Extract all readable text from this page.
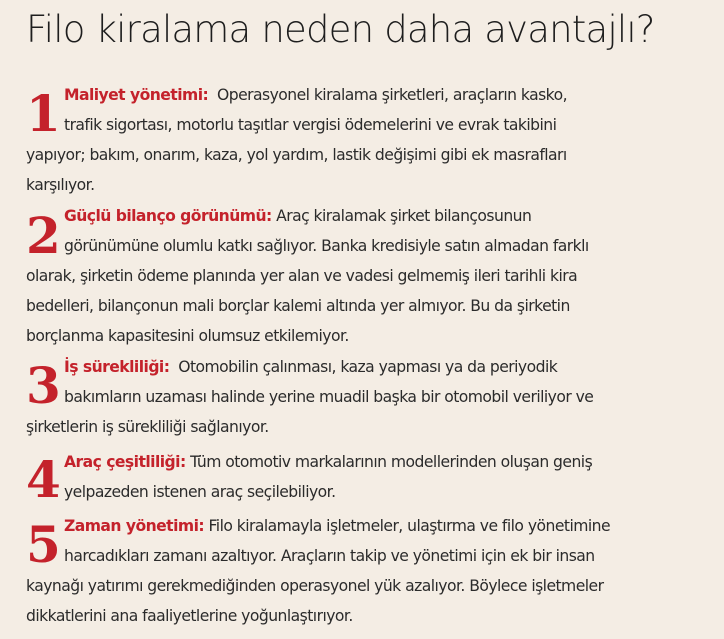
Filo kiralama neden daha avantajlı?
1 Maliyet yönetimi: Operasyonel kiralama şirketleri, araçların kasko,
trafik sigortası, motorlu taşıtlar vergisi ödemelerini ve evrak takibini
yapıyor; bakım, onarım, kaza, yol yardım, lastik değişimi gibi ek masrafları
karşılıyor.
2 Güçlü bilanço görünümü: Araç kiralamak şirket bilançosunun
görünümüne olumlu katkı sağlıyor. Banka kredisiyle satın almadan farklı
olarak, şirketin ödeme planında yer alan ve vadesi gelmemiş ileri tarihli kira
bedelleri, bilançonun mali borçlar kalemi altında yer almıyor. Bu da şirketin
borçlanma kapasitesini olumsuz etkilemiyor.
3 İş sürekliliği: Otomobilin çalınması, kaza yapması ya da periyodik
bakımların uzaması halinde yerine muadil başka bir otomobil veriliyor ve
şirketlerin iş sürekliliği sağlanıyor.
4 Araç çeşitliliği: Tüm otomotiv markalarının modellerinden oluşan geniş
yelpazeden istenen araç seçilebiliyor.
5 Zaman yönetimi: Filo kiralamayla işletmeler, ulaştırma ve filo yönetimine
harcadıkları zamanı azaltıyor. Araçların takip ve yönetimi için ek bir insan
kaynağı yatırımı gerekmediğinden operasyonel yük azalıyor. Böylece işletmeler
dikkatlerini ana faaliyetlerine yoğunlaştırıyor.
